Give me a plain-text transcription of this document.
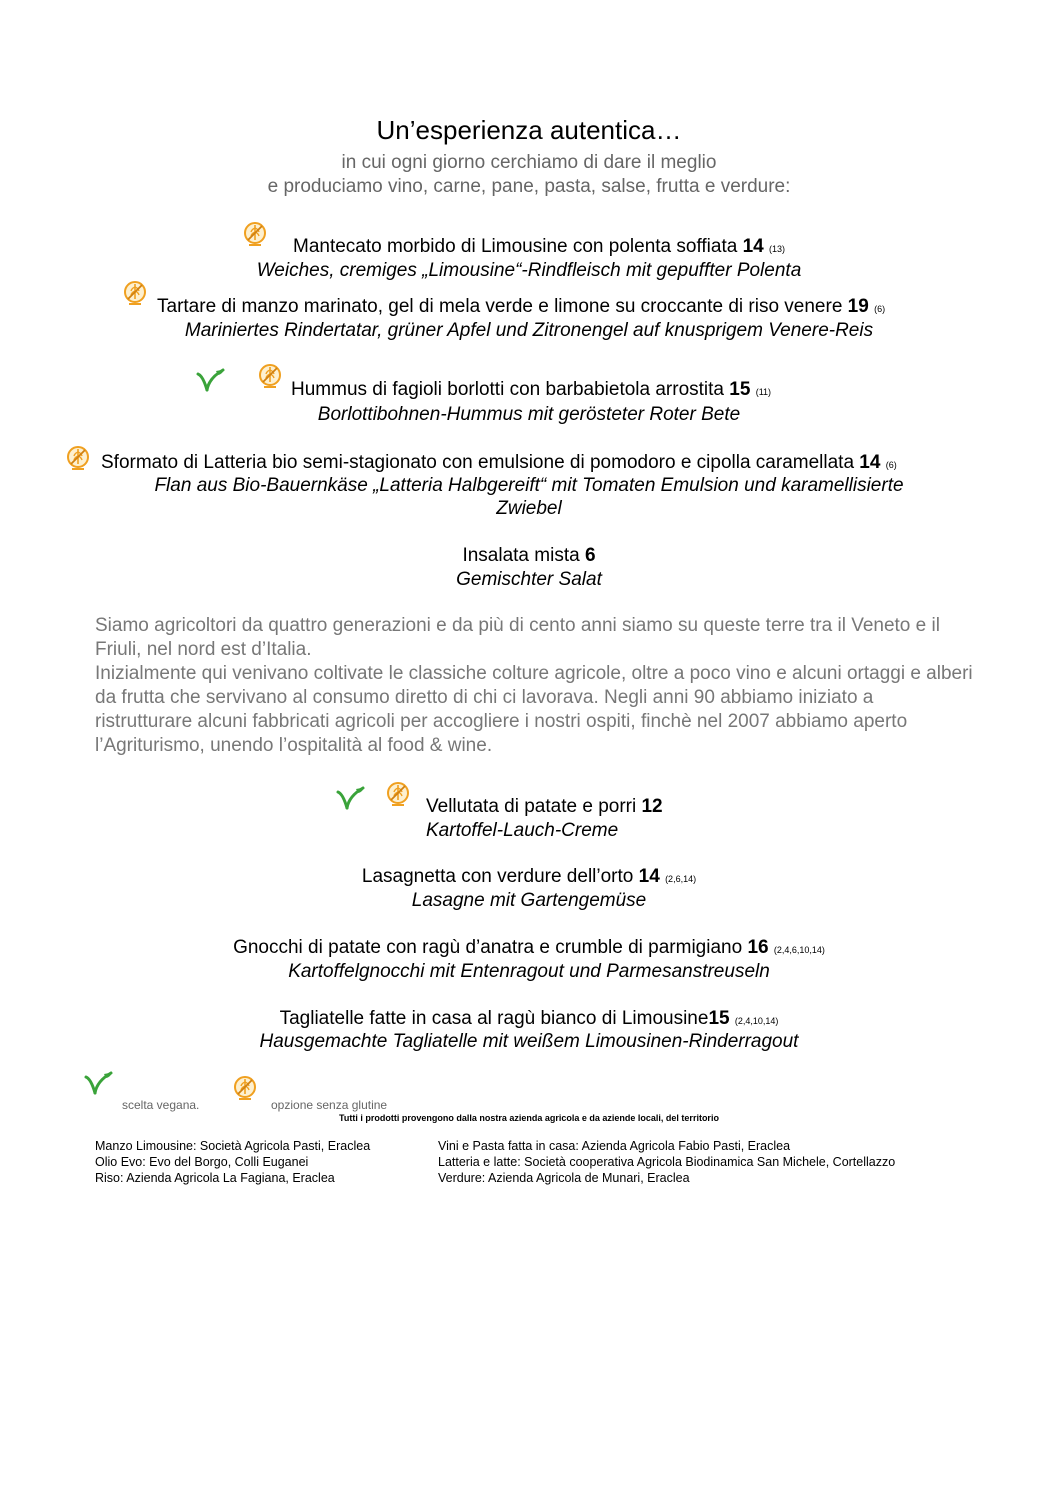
Un’esperienza autentica…
in cui ogni giorno cerchiamo di dare il meglio
e produciamo vino, carne, pane, pasta, salse, frutta e verdure:
Mantecato morbido di Limousine con polenta soffiata 14 (13)
Weiches, cremiges „Limousine“-Rindfleisch mit gepuffter Polenta
Tartare di manzo marinato, gel di mela verde e limone su croccante di riso venere 19 (6)
Mariniertes Rindertatar, grüner Apfel und Zitronengel auf knusprigem Venere-Reis
Hummus di fagioli borlotti con barbabietola arrostita 15 (11)
Borlottibohnen-Hummus mit gerösteter Roter Bete
Sformato di Latteria bio semi-stagionato con emulsione di pomodoro e cipolla caramellata 14 (6)
Flan aus Bio-Bauernkäse „Latteria Halbgereift“ mit Tomaten Emulsion und karamellisierte
Zwiebel
Insalata mista 6
Gemischter Salat

Siamo agricoltori da quattro generazioni e da più di cento anni siamo su queste terre tra il Veneto e il Friuli, nel nord est d’Italia.

Inizialmente qui venivano coltivate le classiche colture agricole, oltre a poco vino e alcuni ortaggi e alberi da frutta che servivano al consumo diretto di chi ci lavorava. Negli anni 90 abbiamo iniziato a ristrutturare alcuni fabbricati agricoli per accogliere i nostri ospiti, finchè nel 2007 abbiamo aperto l’Agriturismo, unendo l’ospitalità al food & wine.

Vellutata di patate e porri 12
Kartoffel-Lauch-Creme
Lasagnetta con verdure dell’orto 14 (2,6,14)
Lasagne mit Gartengemüse
Gnocchi di patate con ragù d’anatra e crumble di parmigiano 16 (2,4,6,10,14)
Kartoffelgnocchi mit Entenragout und Parmesanstreuseln
Tagliatelle fatte in casa al ragù bianco di Limousine15 (2,4,10,14)
Hausgemachte Tagliatelle mit weißem Limousinen-Rinderragout
scelta vegana.	opzione senza glutine
Tutti i prodotti provengono dalla nostra azienda agricola e da aziende locali, del territorio
Manzo Limousine: Società Agricola Pasti, Eraclea
Olio Evo: Evo del Borgo, Colli Euganei
Riso: Azienda Agricola La Fagiana, Eraclea
Vini e Pasta fatta in casa: Azienda Agricola Fabio Pasti, Eraclea
Latteria e latte: Società cooperativa Agricola Biodinamica San Michele, Cortellazzo
Verdure: Azienda Agricola de Munari, Eraclea
